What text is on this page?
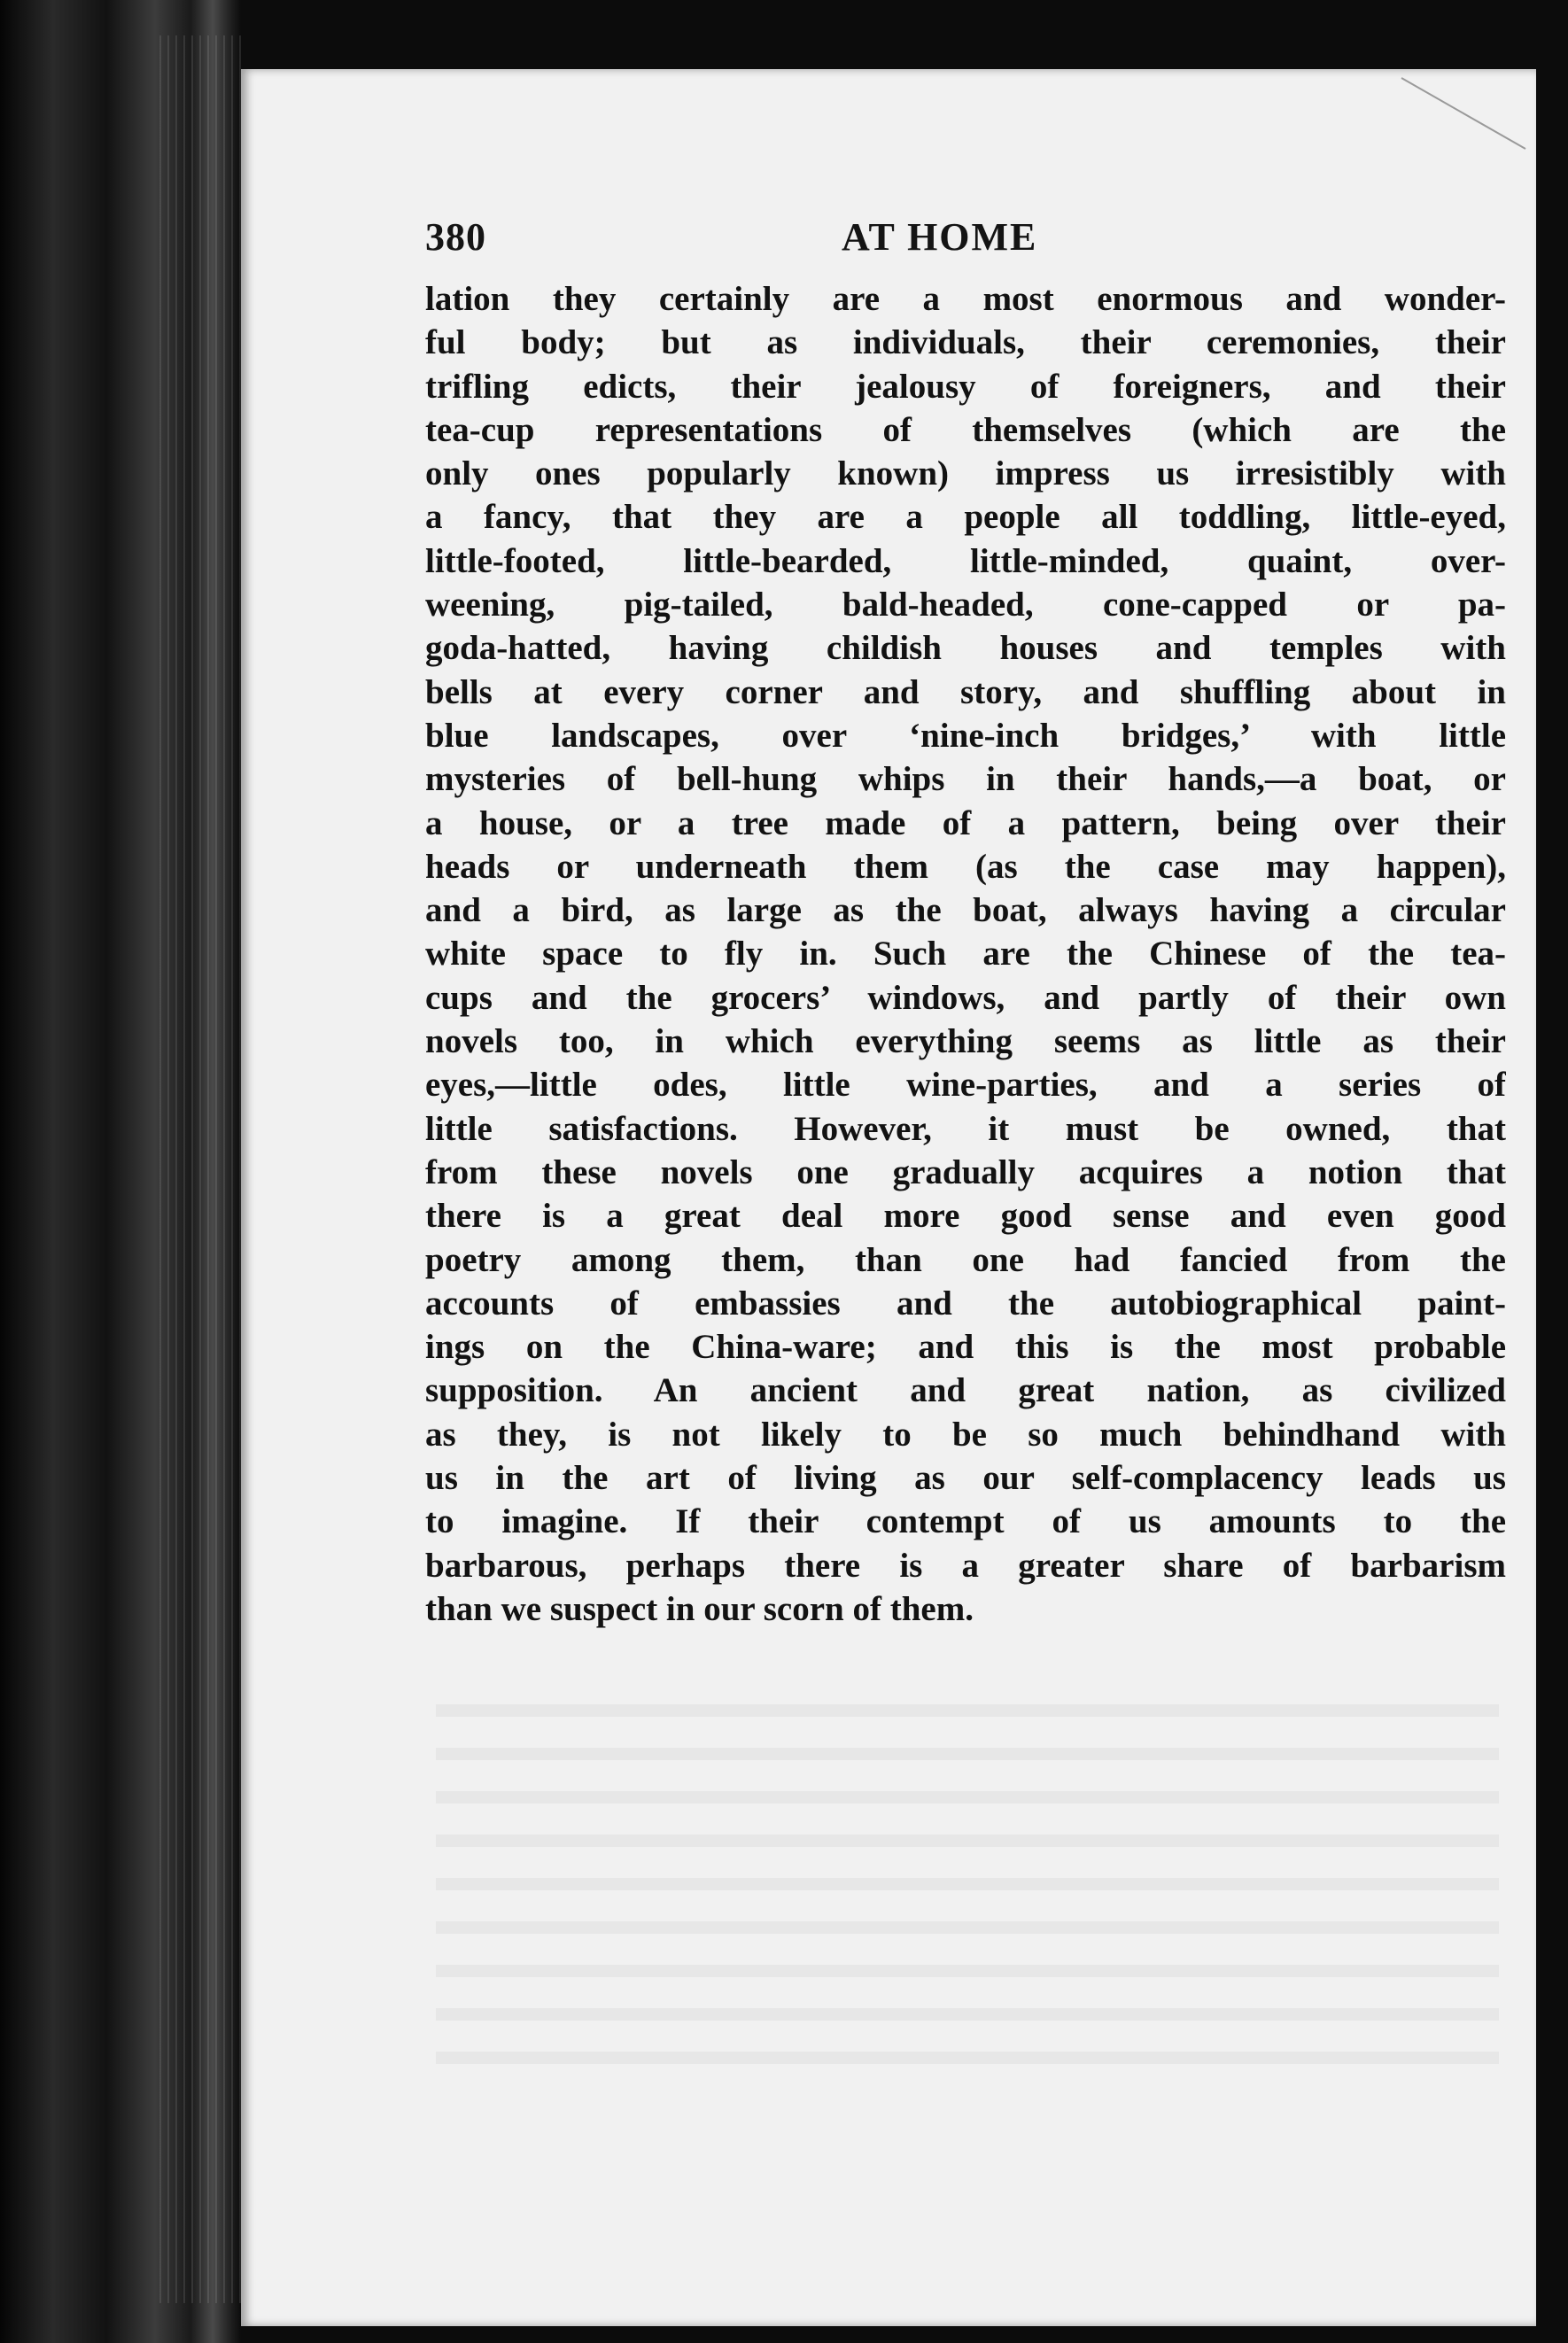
380	AT HOME
lation they certainly are a most enormous and wonder-
ful body; but as individuals, their ceremonies, their
trifling edicts, their jealousy of foreigners, and their
tea-cup representations of themselves (which are the
only ones popularly known) impress us irresistibly with
a fancy, that they are a people all toddling, little-eyed,
little-footed, little-bearded, little-minded, quaint, over-
weening, pig-tailed, bald-headed, cone-capped or pa-
goda-hatted, having childish houses and temples with
bells at every corner and story, and shuffling about in
blue landscapes, over ‘nine-inch bridges,’ with little
mysteries of bell-hung whips in their hands,—a boat, or
a house, or a tree made of a pattern, being over their
heads or underneath them (as the case may happen),
and a bird, as large as the boat, always having a circular
white space to fly in. Such are the Chinese of the tea-
cups and the grocers’ windows, and partly of their own
novels too, in which everything seems as little as their
eyes,—little odes, little wine-parties, and a series of
little satisfactions. However, it must be owned, that
from these novels one gradually acquires a notion that
there is a great deal more good sense and even good
poetry among them, than one had fancied from the
accounts of embassies and the autobiographical paint-
ings on the China-ware; and this is the most probable
supposition. An ancient and great nation, as civilized
as they, is not likely to be so much behindhand with
us in the art of living as our self-complacency leads us
to imagine. If their contempt of us amounts to the
barbarous, perhaps there is a greater share of barbarism
than we suspect in our scorn of them.
